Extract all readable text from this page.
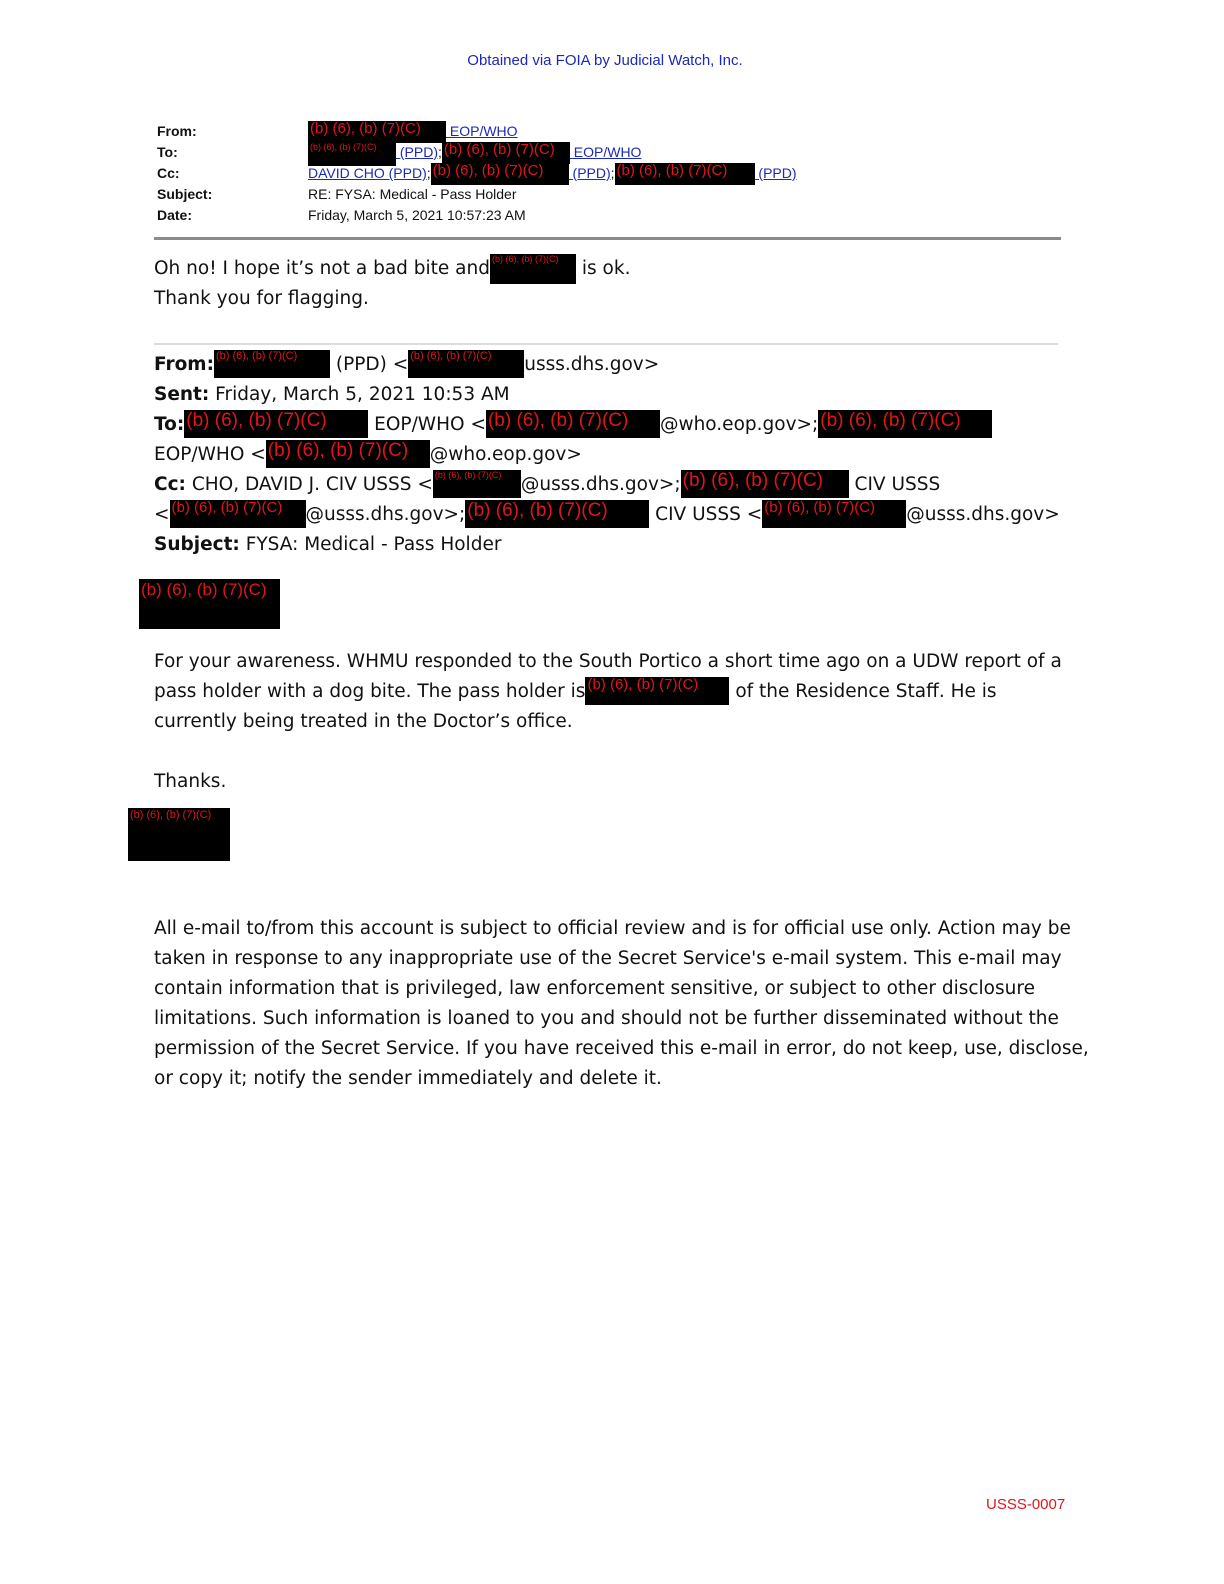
Obtained via FOIA by Judicial Watch, Inc.
From:	(b) (6), (b) (7)(C) EOP/WHO
To:	(b) (6), (b) (7)(C) (PPD); (b) (6), (b) (7)(C) EOP/WHO
Cc:	DAVID CHO (PPD); (b) (6), (b) (7)(C) (PPD); (b) (6), (b) (7)(C) (PPD)
Subject:	RE: FYSA: Medical - Pass Holder
Date:	Friday, March 5, 2021 10:57:23 AM
Oh no! I hope it’s not a bad bite and (b) (6), (b) (7)(C) is ok.
Thank you for flagging.
From: (b) (6), (b) (7)(C) (PPD) < (b) (6), (b) (7)(C) usss.dhs.gov>
Sent: Friday, March 5, 2021 10:53 AM
To: (b) (6), (b) (7)(C) EOP/WHO < (b) (6), (b) (7)(C) @who.eop.gov>; (b) (6), (b) (7)(C)
EOP/WHO < (b) (6), (b) (7)(C) @who.eop.gov>
Cc: CHO, DAVID J. CIV USSS < (b) (6), (b) (7)(C) @usss.dhs.gov>; (b) (6), (b) (7)(C) CIV USSS
< (b) (6), (b) (7)(C) @usss.dhs.gov>; (b) (6), (b) (7)(C) CIV USSS < (b) (6), (b) (7)(C) @usss.dhs.gov>
Subject: FYSA: Medical - Pass Holder
(b) (6), (b) (7)(C)
For your awareness. WHMU responded to the South Portico a short time ago on a UDW report of a
pass holder with a dog bite. The pass holder is (b) (6), (b) (7)(C) of the Residence Staff. He is
currently being treated in the Doctor’s office.
Thanks.
(b) (6), (b) (7)(C)
All e-mail to/from this account is subject to official review and is for official use only. Action may be
taken in response to any inappropriate use of the Secret Service's e-mail system. This e-mail may
contain information that is privileged, law enforcement sensitive, or subject to other disclosure
limitations. Such information is loaned to you and should not be further disseminated without the
permission of the Secret Service. If you have received this e-mail in error, do not keep, use, disclose,
or copy it; notify the sender immediately and delete it.
USSS-0007
